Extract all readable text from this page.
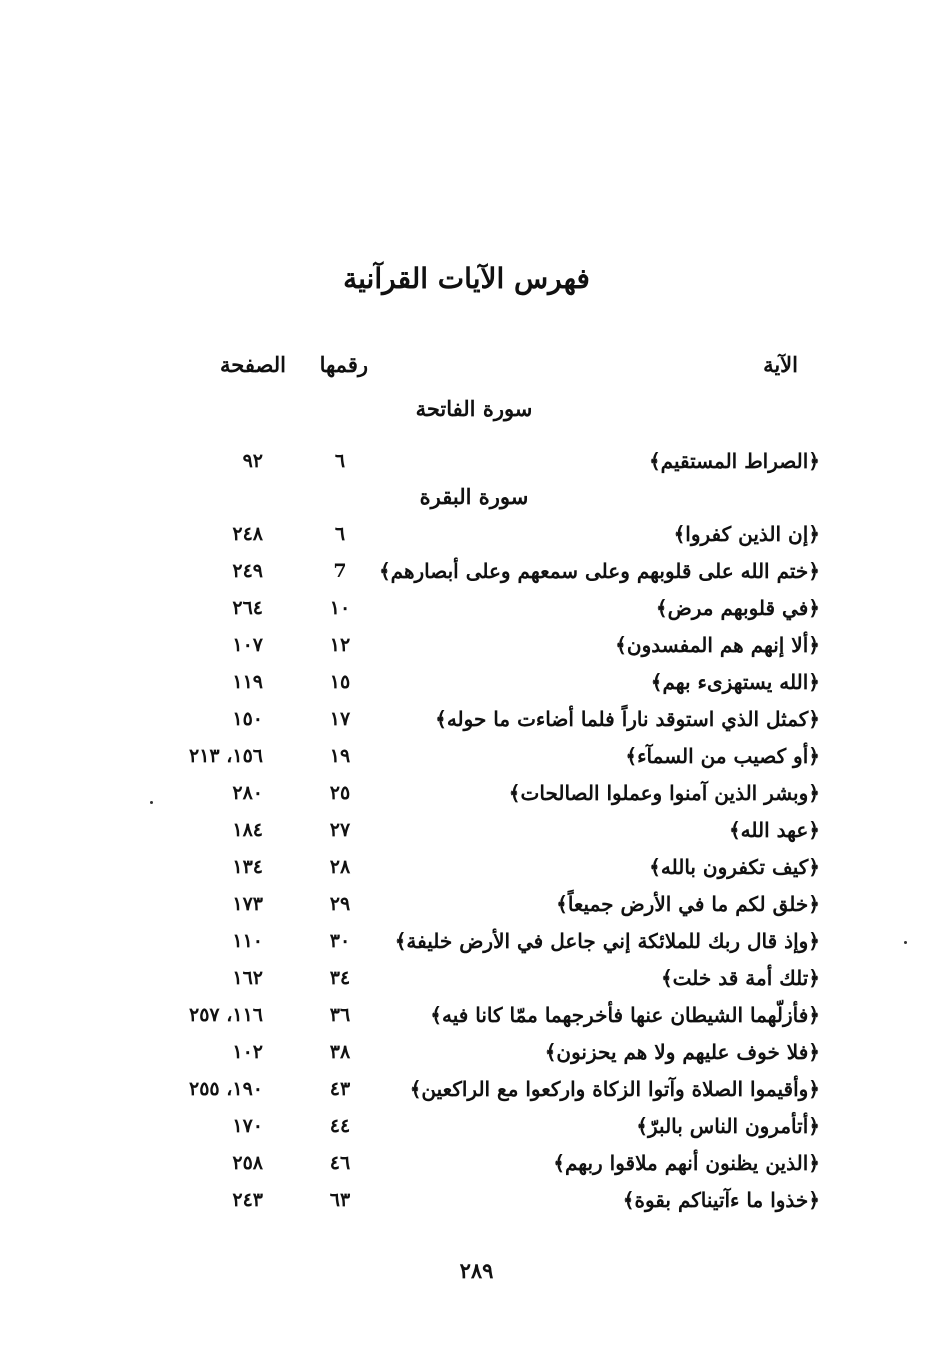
فهرس الآيات القرآنية
الآية
رقمها
الصفحة
سورة الفاتحة
﴿الصراط المستقيم﴾
٦
٩٢
سورة البقرة
﴿إن الذين كفروا﴾
٦
٢٤٨
﴿ختم الله على قلوبهم وعلى سمعهم وعلى أبصارهم﴾
7
٢٤٩
﴿في قلوبهم مرض﴾
١٠
٢٦٤
﴿ألا إنهم هم المفسدون﴾
١٢
١٠٧
﴿الله يستهزىء بهم﴾
١٥
١١٩
﴿كمثل الذي استوقد ناراً فلما أضاءت ما حوله﴾
١٧
١٥٠
﴿أو كصيب من السمآء﴾
١٩
١٥٦، ٢١٣
﴿وبشر الذين آمنوا وعملوا الصالحات﴾
٢٥
٢٨٠
﴿عهد الله﴾
٢٧
١٨٤
﴿كيف تكفرون بالله﴾
٢٨
١٣٤
﴿خلق لكم ما في الأرض جميعاً﴾
٢٩
١٧٣
﴿وإذ قال ربك للملائكة إني جاعل في الأرض خليفة﴾
٣٠
١١٠
﴿تلك أمة قد خلت﴾
٣٤
١٦٢
﴿فأزلّهما الشيطان عنها فأخرجهما ممّا كانا فيه﴾
٣٦
١١٦، ٢٥٧
﴿فلا خوف عليهم ولا هم يحزنون﴾
٣٨
١٠٢
﴿وأقيموا الصلاة وآتوا الزكاة واركعوا مع الراكعين﴾
٤٣
١٩٠، ٢٥٥
﴿أتأمرون الناس بالبرّ﴾
٤٤
١٧٠
﴿الذين يظنون أنهم ملاقوا ربهم﴾
٤٦
٢٥٨
﴿خذوا ما ءآتيناكم بقوة﴾
٦٣
٢٤٣
٢٨٩
